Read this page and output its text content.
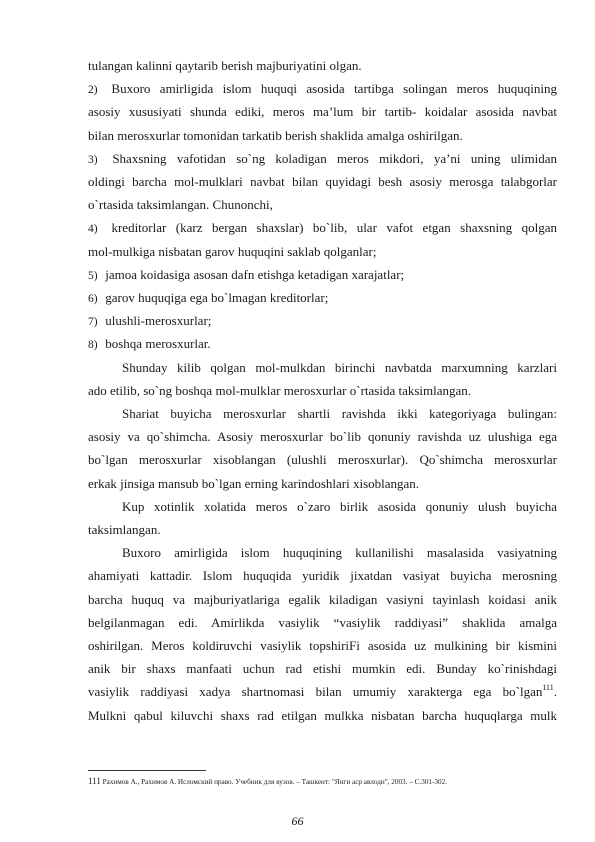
tulangan kalinni qaytarib berish majburiyatini olgan.
2) Buxoro amirligida islom huquqi asosida tartibga solingan meros huquqining
asosiy xususiyati shunda ediki, meros ma’lum bir tartib- koidalar asosida navbat
bilan merosxurlar tomonidan tarkatib berish shaklida amalga oshirilgan.
3) Shaxsning vafotidan so`ng koladigan meros mikdori, ya’ni uning ulimidan
oldingi barcha mol-mulklari navbat bilan quyidagi besh asosiy merosga talabgorlar
o`rtasida taksimlangan. Chunonchi,
4) kreditorlar (karz bergan shaxslar) bo`lib, ular vafot etgan shaxsning qolgan
mol-mulkiga nisbatan garov huquqini saklab qolganlar;
5) jamoa koidasiga asosan dafn etishga ketadigan xarajatlar;
6) garov huquqiga ega bo`lmagan kreditorlar;
7) ulushli-merosxurlar;
8) boshqa merosxurlar.
Shunday kilib qolgan mol-mulkdan birinchi navbatda marxumning karzlari
ado etilib, so`ng boshqa mol-mulklar merosxurlar o`rtasida taksimlangan.
Shariat buyicha merosxurlar shartli ravishda ikki kategoriyaga bulingan:
asosiy va qo`shimcha. Asosiy merosxurlar bo`lib qonuniy ravishda uz ulushiga ega
bo`lgan merosxurlar xisoblangan (ulushli merosxurlar). Qo`shimcha merosxurlar
erkak jinsiga mansub bo`lgan erning karindoshlari xisoblangan.
Kup xotinlik xolatida meros o`zaro birlik asosida qonuniy ulush buyicha
taksimlangan.
Buxoro amirligida islom huquqining kullanilishi masalasida vasiyatning
ahamiyati kattadir. Islom huquqida yuridik jixatdan vasiyat buyicha merosning
barcha huquq va majburiyatlariga egalik kiladigan vasiyni tayinlash koidasi anik
belgilanmagan edi. Amirlikda vasiylik “vasiylik raddiyasi” shaklida amalga
oshirilgan. Meros koldiruvchi vasiylik topshiriFi asosida uz mulkining bir kismini
anik bir shaxs manfaati uchun rad etishi mumkin edi. Bunday ko`rinishdagi
vasiylik raddiyasi xadya shartnomasi bilan umumiy xarakterga ega bo`lgan$^{111}$.
Mulkni qabul kiluvchi shaxs rad etilgan mulkka nisbatan barcha huquqlarga mulk
111 Рахимов А., Рахимов А. Исломский право. Учебник для вузов. – Ташкент: "Янги аср авлоди", 2003. – С.301-302.
66
